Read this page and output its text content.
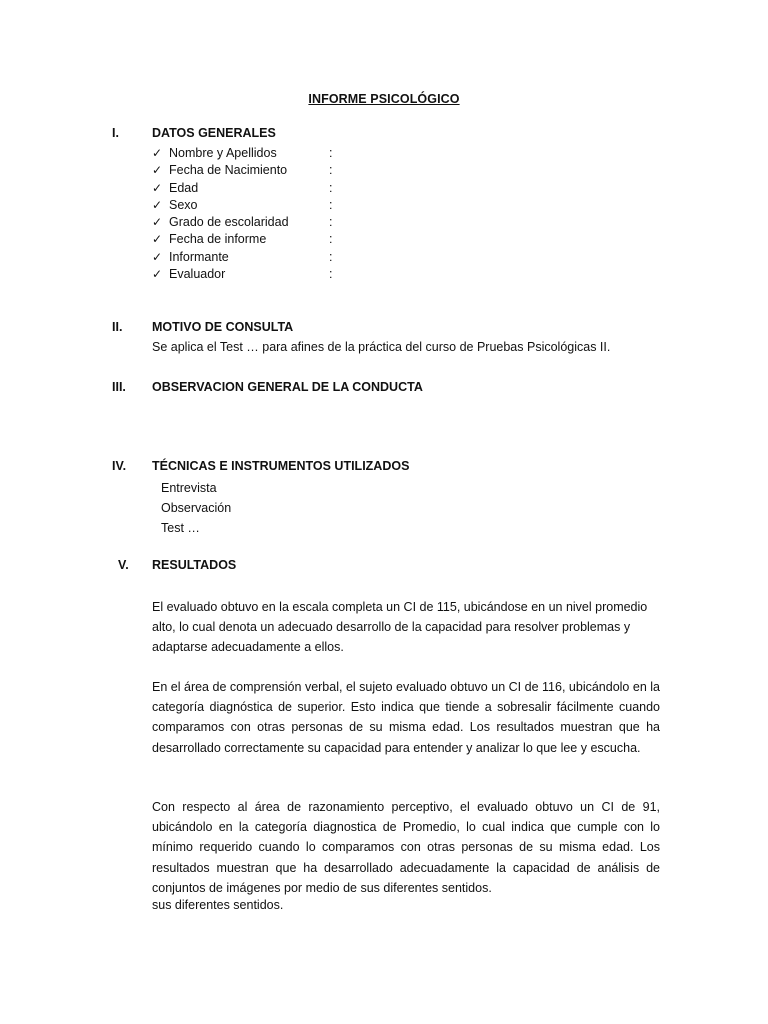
INFORME PSICOLÓGICO
I.	DATOS GENERALES
✓ Nombre y Apellidos	:
✓ Fecha de Nacimiento	:
✓ Edad	:
✓ Sexo	:
✓ Grado de escolaridad	:
✓ Fecha de informe	:
✓ Informante	:
✓ Evaluador	:
II.	MOTIVO DE CONSULTA
Se aplica el Test … para afines de la práctica del curso de Pruebas Psicológicas II.
III.	OBSERVACION GENERAL DE LA CONDUCTA
IV.	TÉCNICAS E INSTRUMENTOS UTILIZADOS
Entrevista
Observación
Test …
V.	RESULTADOS

El evaluado obtuvo en la escala completa un CI de 115, ubicándose en un nivel promedio alto, lo cual denota un adecuado desarrollo de la capacidad para resolver problemas y adaptarse adecuadamente a ellos.

En el área de comprensión verbal, el sujeto evaluado obtuvo un CI de 116, ubicándolo en la categoría diagnóstica de superior. Esto indica que tiende a sobresalir fácilmente cuando comparamos con otras personas de su misma edad. Los resultados muestran que ha desarrollado correctamente su capacidad para entender y analizar lo que lee y escucha.

Con respecto al área de razonamiento perceptivo, el evaluado obtuvo un CI de 91, ubicándolo en la categoría diagnostica de Promedio, lo cual indica que cumple con lo mínimo requerido cuando lo comparamos con otras personas de su misma edad. Los resultados muestran que ha desarrollado adecuadamente la capacidad de análisis de conjuntos de imágenes por medio de sus diferentes sentidos.

sus diferentes sentidos.
